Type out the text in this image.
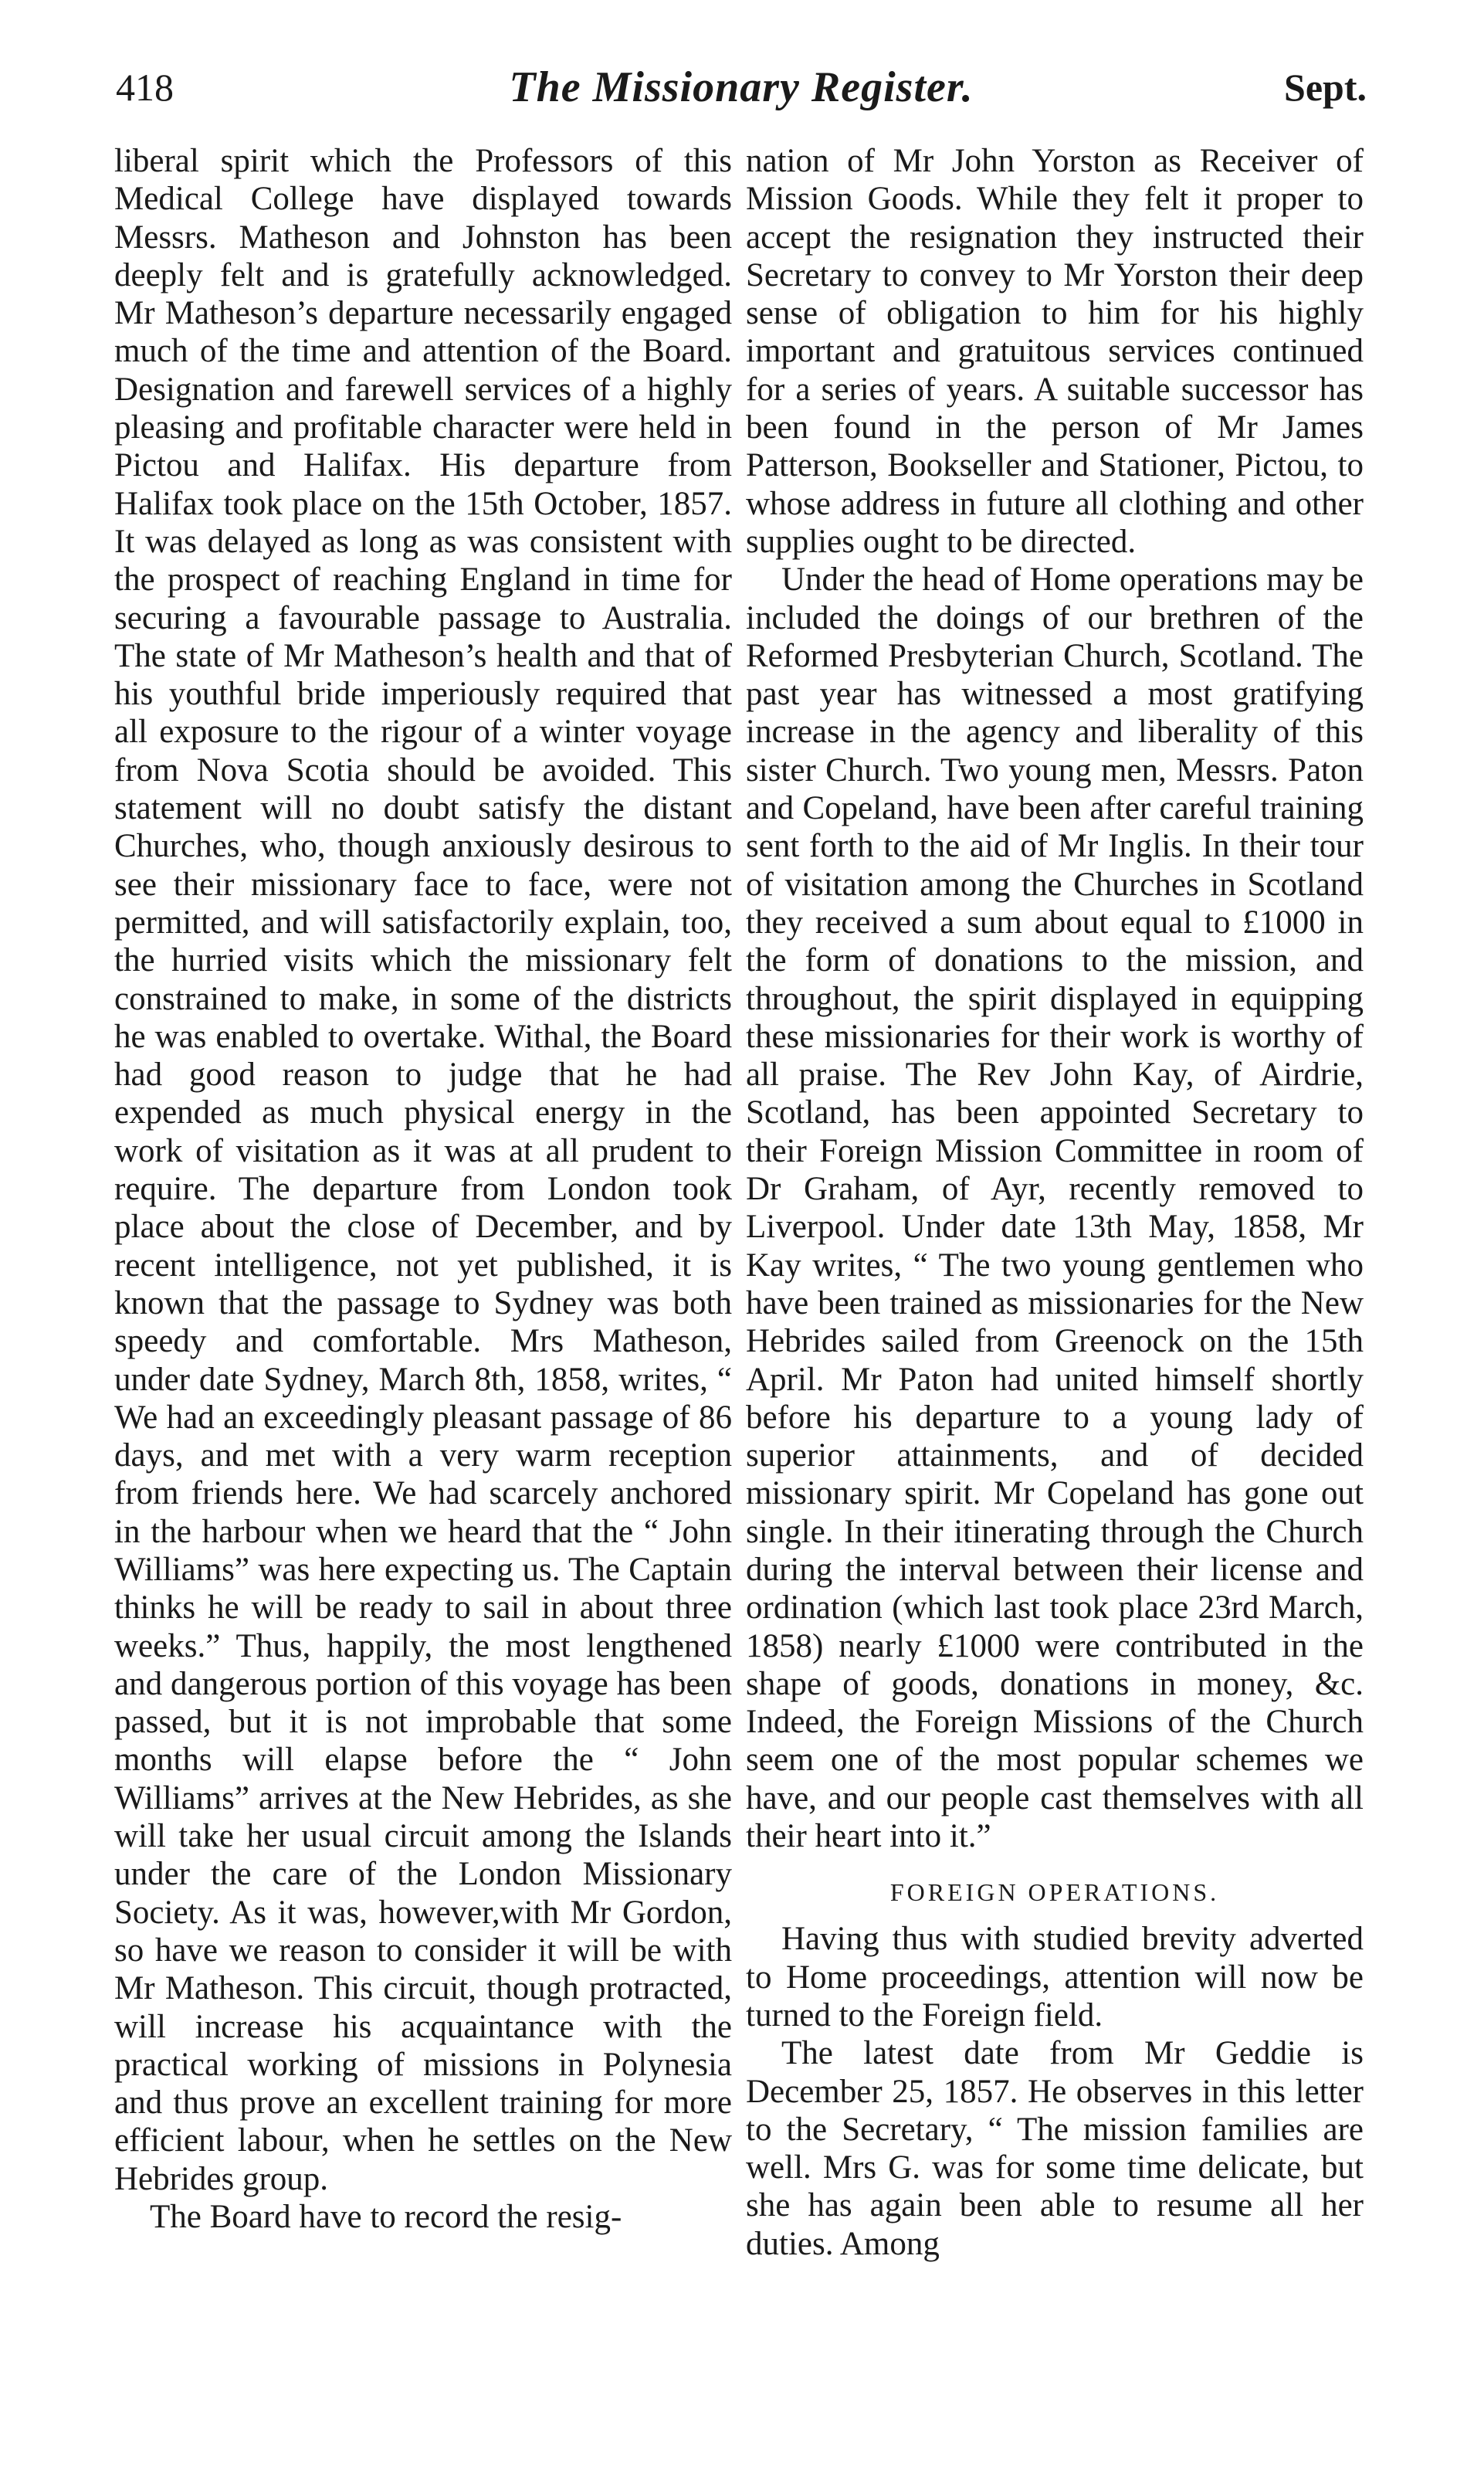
418	The Missionary Register.	Sept.

liberal spirit which the Professors of this Medical College have displayed towards Messrs. Matheson and Johnston has been deeply felt and is gratefully acknowledged. Mr Matheson’s departure necessarily engaged much of the time and attention of the Board. Designation and farewell services of a highly pleasing and profitable character were held in Pictou and Halifax. His departure from Halifax took place on the 15th October, 1857. It was delayed as long as was consistent with the prospect of reaching England in time for securing a favourable passage to Australia. The state of Mr Matheson’s health and that of his youthful bride imperiously required that all exposure to the rigour of a winter voyage from Nova Scotia should be avoided. This statement will no doubt satisfy the distant Churches, who, though anxiously desirous to see their missionary face to face, were not permitted, and will satisfactorily explain, too, the hurried visits which the missionary felt constrained to make, in some of the districts he was enabled to overtake. Withal, the Board had good reason to judge that he had expended as much physical energy in the work of visitation as it was at all prudent to require. The departure from London took place about the close of December, and by recent intelligence, not yet published, it is known that the passage to Sydney was both speedy and comfortable. Mrs Matheson, under date Sydney, March 8th, 1858, writes, “ We had an exceedingly pleasant passage of 86 days, and met with a very warm reception from friends here. We had scarcely anchored in the harbour when we heard that the “ John Williams” was here expecting us. The Captain thinks he will be ready to sail in about three weeks.” Thus, happily, the most lengthened and dangerous portion of this voyage has been passed, but it is not improbable that some months will elapse before the “ John Williams” arrives at the New Hebrides, as she will take her usual circuit among the Islands under the care of the London Missionary Society. As it was, however,with Mr Gordon, so have we reason to consider it will be with Mr Matheson. This circuit, though protracted, will increase his acquaintance with the practical working of missions in Polynesia and thus prove an excellent training for more efficient labour, when he settles on the New Hebrides group.

The Board have to record the resig-

nation of Mr John Yorston as Receiver of Mission Goods. While they felt it proper to accept the resignation they instructed their Secretary to convey to Mr Yorston their deep sense of obligation to him for his highly important and gratuitous services continued for a series of years. A suitable successor has been found in the person of Mr James Patterson, Bookseller and Stationer, Pictou, to whose address in future all clothing and other supplies ought to be directed.

Under the head of Home operations may be included the doings of our brethren of the Reformed Presbyterian Church, Scotland. The past year has witnessed a most gratifying increase in the agency and liberality of this sister Church. Two young men, Messrs. Paton and Copeland, have been after careful training sent forth to the aid of Mr Inglis. In their tour of visitation among the Churches in Scotland they received a sum about equal to £1000 in the form of donations to the mission, and throughout, the spirit displayed in equipping these missionaries for their work is worthy of all praise. The Rev John Kay, of Airdrie, Scotland, has been appointed Secretary to their Foreign Mission Committee in room of Dr Graham, of Ayr, recently removed to Liverpool. Under date 13th May, 1858, Mr Kay writes, “ The two young gentlemen who have been trained as missionaries for the New Hebrides sailed from Greenock on the 15th April. Mr Paton had united himself shortly before his departure to a young lady of superior attainments, and of decided missionary spirit. Mr Copeland has gone out single. In their itinerating through the Church during the interval between their license and ordination (which last took place 23rd March, 1858) nearly £1000 were contributed in the shape of goods, donations in money, &c. Indeed, the Foreign Missions of the Church seem one of the most popular schemes we have, and our people cast themselves with all their heart into it.”

FOREIGN OPERATIONS.

Having thus with studied brevity adverted to Home proceedings, attention will now be turned to the Foreign field.

The latest date from Mr Geddie is December 25, 1857. He observes in this letter to the Secretary, “ The mission families are well. Mrs G. was for some time delicate, but she has again been able to resume all her duties. Among
